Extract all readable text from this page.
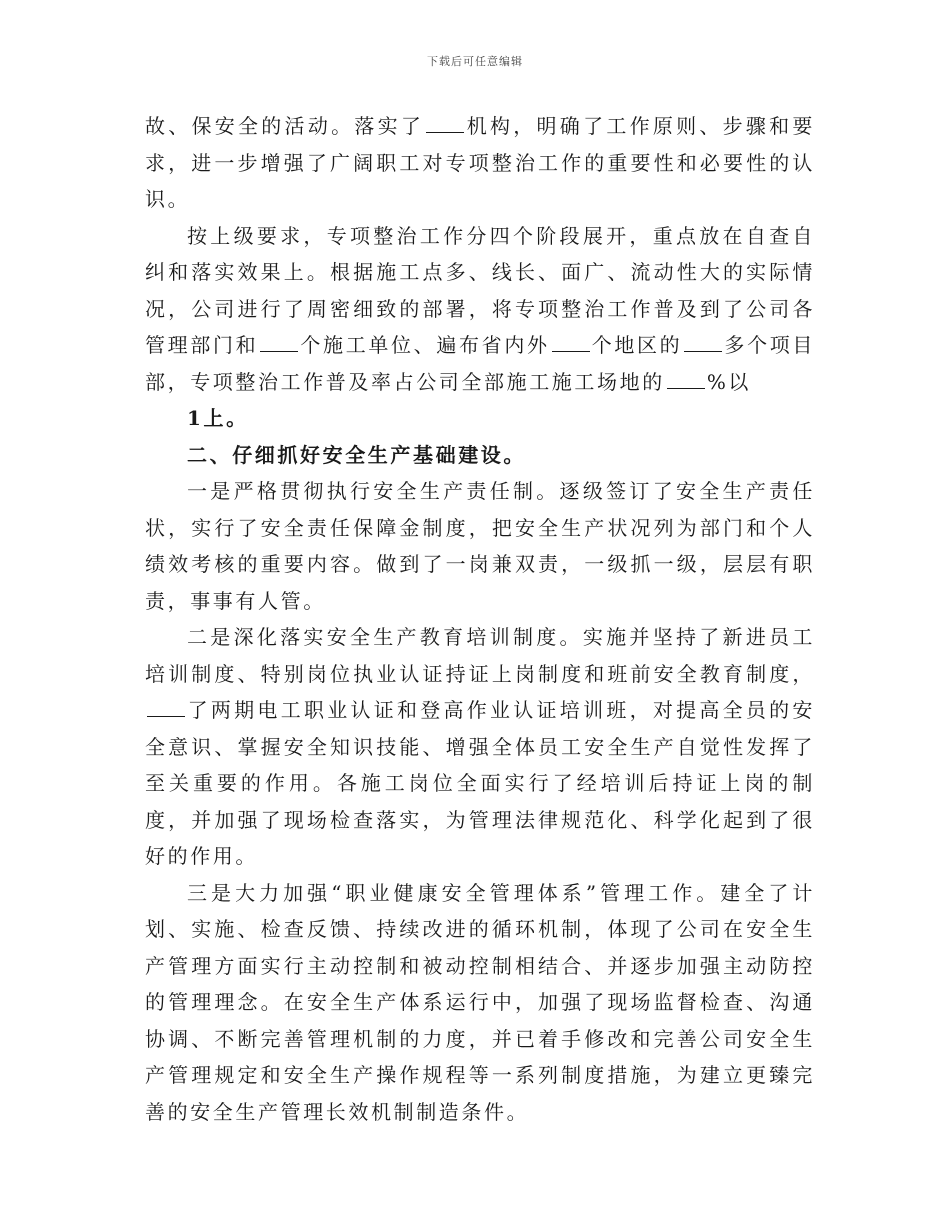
下载后可任意编辑

故、保安全的活动。落实了 机构，明确了工作原则、步骤和要求，进一步增强了广阔职工对专项整治工作的重要性和必要性的认识。

按上级要求，专项整治工作分四个阶段展开，重点放在自查自纠和落实效果上。根据施工点多、线长、面广、流动性大的实际情况，公司进行了周密细致的部署，将专项整治工作普及到了公司各管理部门和 个施工单位、遍布省内外 个地区的 多个项目部，专项整治工作普及率占公司全部施工施工场地的 %以

1上。

二、仔细抓好安全生产基础建设。

一是严格贯彻执行安全生产责任制。逐级签订了安全生产责任状，实行了安全责任保障金制度，把安全生产状况列为部门和个人绩效考核的重要内容。做到了一岗兼双责，一级抓一级，层层有职责，事事有人管。

二是深化落实安全生产教育培训制度。实施并坚持了新进员工培训制度、特别岗位执业认证持证上岗制度和班前安全教育制度，了两期电工职业认证和登高作业认证培训班，对提高全员的安全意识、掌握安全知识技能、增强全体员工安全生产自觉性发挥了至关重要的作用。各施工岗位全面实行了经培训后持证上岗的制度，并加强了现场检查落实，为管理法律规范化、科学化起到了很好的作用。

三是大力加强“职业健康安全管理体系”管理工作。建全了计划、实施、检查反馈、持续改进的循环机制，体现了公司在安全生产管理方面实行主动控制和被动控制相结合、并逐步加强主动防控的管理理念。在安全生产体系运行中，加强了现场监督检查、沟通协调、不断完善管理机制的力度，并已着手修改和完善公司安全生产管理规定和安全生产操作规程等一系列制度措施，为建立更臻完善的安全生产管理长效机制制造条件。
